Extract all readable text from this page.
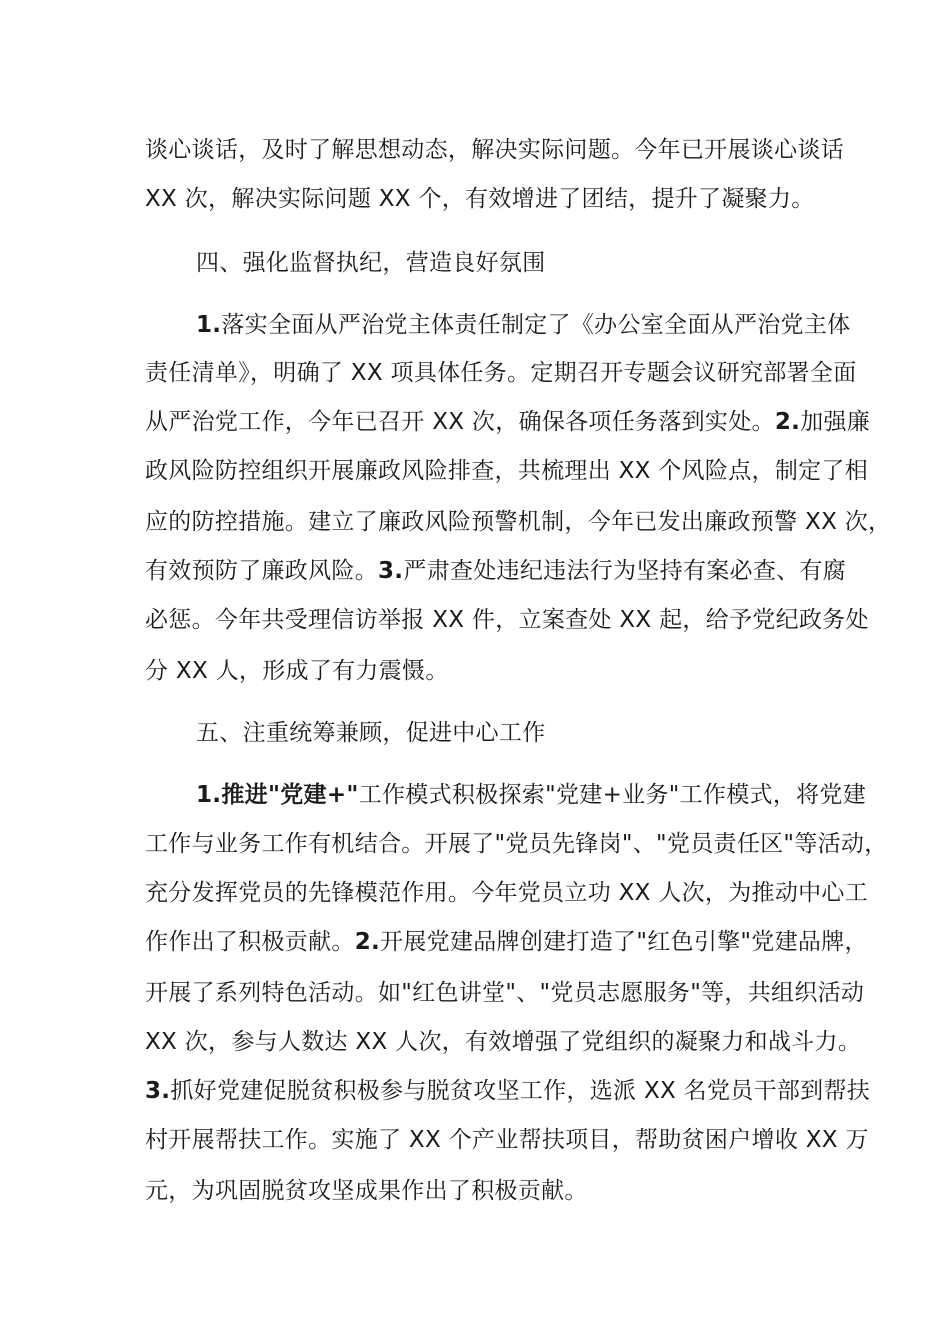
谈心谈话，及时了解思想动态，解决实际问题。今年已开展谈心谈话
XX 次，解决实际问题 XX 个，有效增进了团结，提升了凝聚力。
四、强化监督执纪，营造良好氛围
1.落实全面从严治党主体责任制定了《办公室全面从严治党主体
责任清单》，明确了 XX 项具体任务。定期召开专题会议研究部署全面
从严治党工作，今年已召开 XX 次，确保各项任务落到实处。2.加强廉
政风险防控组织开展廉政风险排查，共梳理出 XX 个风险点，制定了相
应的防控措施。建立了廉政风险预警机制，今年已发出廉政预警 XX 次，
有效预防了廉政风险。3.严肃查处违纪违法行为坚持有案必查、有腐
必惩。今年共受理信访举报 XX 件，立案查处 XX 起，给予党纪政务处
分 XX 人，形成了有力震慑。
五、注重统筹兼顾，促进中心工作
1.推进"党建+"工作模式积极探索"党建+业务"工作模式，将党建
工作与业务工作有机结合。开展了"党员先锋岗"、"党员责任区"等活动，
充分发挥党员的先锋模范作用。今年党员立功 XX 人次，为推动中心工
作作出了积极贡献。2.开展党建品牌创建打造了"红色引擎"党建品牌，
开展了系列特色活动。如"红色讲堂"、"党员志愿服务"等，共组织活动
XX 次，参与人数达 XX 人次，有效增强了党组织的凝聚力和战斗力。
3.抓好党建促脱贫积极参与脱贫攻坚工作，选派 XX 名党员干部到帮扶
村开展帮扶工作。实施了 XX 个产业帮扶项目，帮助贫困户增收 XX 万
元，为巩固脱贫攻坚成果作出了积极贡献。
